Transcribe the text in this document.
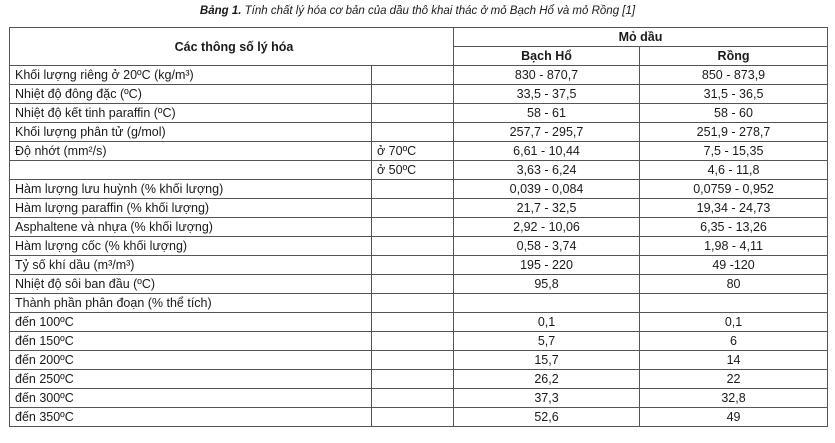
Bảng 1. Tính chất lý hóa cơ bản của dầu thô khai thác ở mỏ Bạch Hổ và mỏ Rồng [1]
Các thông số lý hóa		Mỏ dầu	
		Bạch Hổ	Rồng
Khối lượng riêng ở 20ºC (kg/m³)		830 - 870,7	850 - 873,9
Nhiệt độ đông đặc (ºC)		33,5 - 37,5	31,5 - 36,5
Nhiệt độ kết tinh paraffin (ºC)		58 - 61	58 - 60
Khối lượng phân tử (g/mol)		257,7 - 295,7	251,9 - 278,7
Độ nhớt (mm²/s)	ở 70ºC	6,61 - 10,44	7,5 - 15,35
	ở 50ºC	3,63 - 6,24	4,6 - 11,8
Hàm lượng lưu huỳnh (% khối lượng)		0,039 - 0,084	0,0759 - 0,952
Hàm lượng paraffin (% khối lượng)		21,7 - 32,5	19,34 - 24,73
Asphaltene và nhựa (% khối lượng)		2,92 - 10,06	6,35 - 13,26
Hàm lượng cốc (% khối lượng)		0,58 - 3,74	1,98 - 4,11
Tỷ số khí dầu (m³/m³)		195 - 220	49 -120
Nhiệt độ sôi ban đầu (ºC)		95,8	80
Thành phần phân đoạn (% thể tích)			
đến 100ºC		0,1	0,1
đến 150ºC		5,7	6
đến 200ºC		15,7	14
đến 250ºC		26,2	22
đến 300ºC		37,3	32,8
đến 350ºC		52,6	49
